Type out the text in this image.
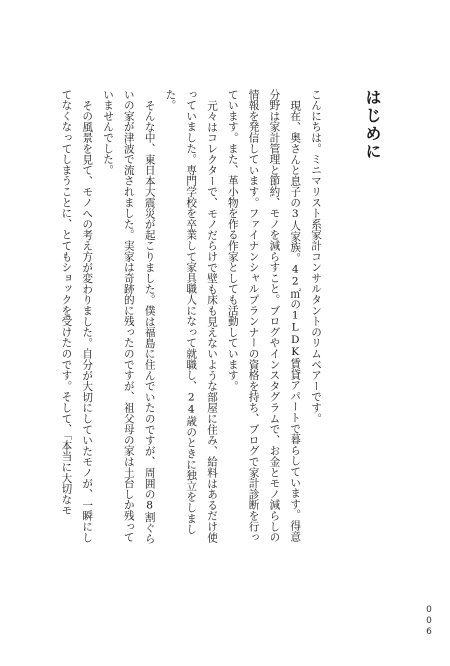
はじめに

こんにちは。ミニマリスト系家計コンサルタントのリムベアーです。

現在、奥さんと息子の3人家族。42㎡の1LDK賃貸アパートで暮らしています。得意分野は家計管理と節約、モノを減らすこと。ブログやインスタグラムで、お金とモノ減らしの情報を発信しています。ファイナンシャルプランナーの資格を持ち、ブログで家計診断を行っています。また、革小物を作る作家としても活動しています。

元々はコレクターで、モノだらけで壁も床も見えないような部屋に住み、給料はあるだけ使っていました。専門学校を卒業して家具職人になって就職し、24歳のときに独立をしました。

そんな中、東日本大震災が起こりました。僕は福島に住んでいたのですが、周囲の8割ぐらいの家が津波で流されました。実家は奇跡的に残ったのですが、祖父母の家は土台しか残っていませんでした。

その風景を見て、モノへの考え方が変わりました。自分が大切にしていたモノが、一瞬にしてなくなってしまうことに、とてもショックを受けたのです。そして、「本当に大切なモ

006
